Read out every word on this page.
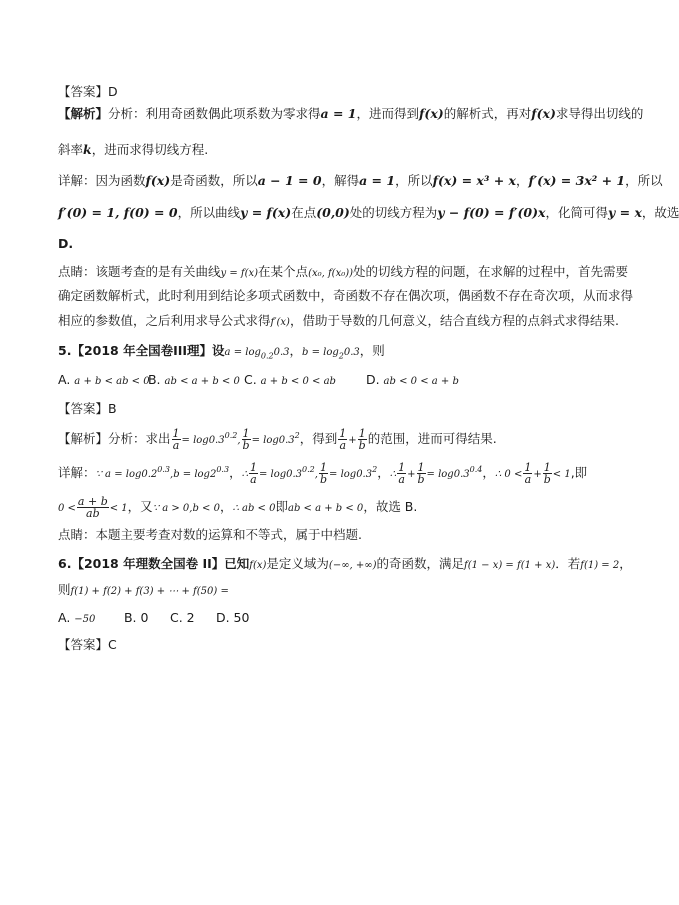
【答案】D
【解析】分析：利用奇函数偶此项系数为零求得a = 1，进而得到f(x)的解析式，再对f(x)求导得出切线的
斜率k，进而求得切线方程.
详解：因为函数f(x)是奇函数，所以a − 1 = 0，解得a = 1，所以f(x) = x³ + x，f′(x) = 3x² + 1，所以
f′(0) = 1, f(0) = 0，所以曲线y = f(x)在点(0,0)处的切线方程为y − f(0) = f′(0)x，化简可得y = x，故选
D.
点睛：该题考查的是有关曲线y = f(x)在某个点(x₀, f(x₀))处的切线方程的问题，在求解的过程中，首先需要
确定函数解析式，此时利用到结论多项式函数中，奇函数不存在偶次项，偶函数不存在奇次项，从而求得
相应的参数值，之后利用求导公式求得f′(x)，借助于导数的几何意义，结合直线方程的点斜式求得结果.
5.【2018 年全国卷III理】设$a = \log_{0.2}0.3$，$b = \log_20.3$，则
A. a + b < ab < 0 B. ab < a + b < 0 C. a + b < 0 < ab D. ab < 0 < a + b
【答案】B
【解析】分析：求出 $\frac{1}{a} = \log 0.3^{0.2}$, $\frac{1}{b} = \log 0.3^2$，得到 $\frac{1}{a} + \frac{1}{b}$ 的范围，进而可得结果.
详解：∵ $a = \log 0.2^{0.3},b = \log 2^{0.3}$，∴ $\frac{1}{a} = \log 0.3^{0.2}$, $\frac{1}{b} = \log 0.3^2$，∴ $\frac{1}{a} + \frac{1}{b} = \log 0.3^{0.4}$，∴ $0 < \frac{1}{a} + \frac{1}{b} < 1$,即
$0 < \frac{a + b}{ab} < 1$，又∵ a > 0,b < 0，∴ ab < 0即ab < a + b < 0，故选 B.
点睛：本题主要考查对数的运算和不等式，属于中档题.
6.【2018 年理数全国卷 II】已知f(x)是定义域为(−∞, +∞)的奇函数，满足f(1 − x) = f(1 + x)．若f(1) = 2，
则f(1) + f(2) + f(3) + ⋯ + f(50) =
A. −50 B. 0 C. 2 D. 50
【答案】C
